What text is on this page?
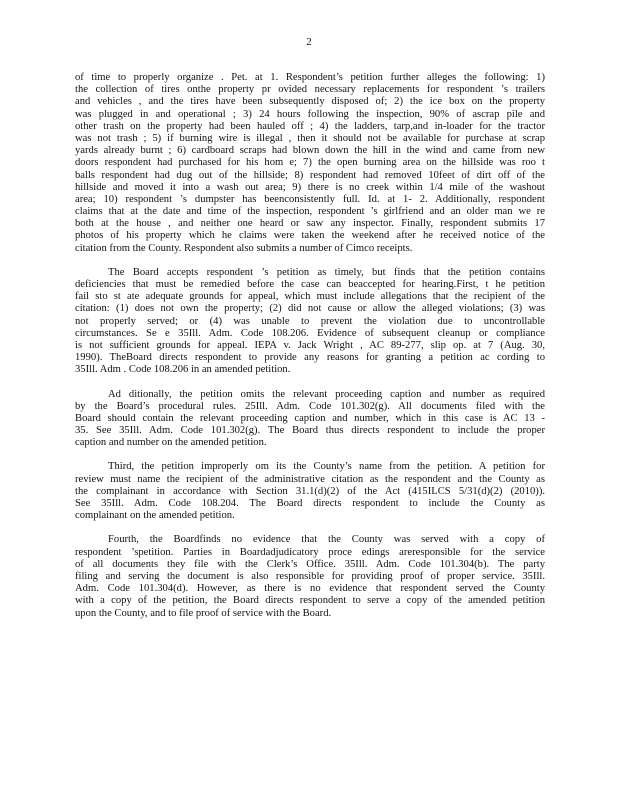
2
of time to properly organize . Pet. at 1. Respondent’s petition further alleges the following: 1)
the collection of tires onthe property pr ovided necessary replacements for respondent ’s trailers
and vehicles , and the tires have been subsequently disposed of; 2) the ice box on the property
was plugged in and operational ; 3) 24 hours following the inspection, 90% of ascrap pile and
other trash on the property had been hauled off ; 4) the ladders, tarp,and in-loader for the tractor
was not trash ; 5) if burning wire is illegal , then it should not be available for purchase at scrap
yards already burnt ; 6) cardboard scraps had blown down the hill in the wind and came from new
doors respondent had purchased for his hom e; 7) the open burning area on the hillside was roo t
balls respondent had dug out of the hillside; 8) respondent had removed 10feet of dirt off of the
hillside and moved it into a wash out area; 9) there is no creek within 1/4 mile of the washout
area; 10) respondent ’s dumpster has beenconsistently full. Id. at 1- 2. Additionally, respondent
claims that at the date and time of the inspection, respondent ’s girlfriend and an older man we re
both at the house , and neither one heard or saw any inspector. Finally, respondent submits 17
photos of his property which he claims were taken the weekend after he received notice of the
citation from the County. Respondent also submits a number of Cimco receipts.
The Board accepts respondent ’s petition as timely, but finds that the petition contains
deficiencies that must be remedied before the case can beaccepted for hearing.First, t he petition
fail sto st ate adequate grounds for appeal, which must include allegations that the recipient of the
citation: (1) does not own the property; (2) did not cause or allow the alleged violations; (3) was
not properly served; or (4) was unable to prevent the violation due to uncontrollable
circumstances. Se e 35Ill. Adm. Code 108.206. Evidence of subsequent cleanup or compliance
is not sufficient grounds for appeal. IEPA v. Jack Wright , AC 89-277, slip op. at 7 (Aug. 30,
1990). TheBoard directs respondent to provide any reasons for granting a petition ac cording to
35Ill. Adm . Code 108.206 in an amended petition.
Ad ditionally, the petition omits the relevant proceeding caption and number as required
by the Board’s procedural rules. 25Ill. Adm. Code 101.302(g). All documents filed with the
Board should contain the relevant proceeding caption and number, which in this case is AC 13 -
35. See 35Ill. Adm. Code 101.302(g). The Board thus directs respondent to include the proper
caption and number on the amended petition.
Third, the petition improperly om its the County’s name from the petition. A petition for
review must name the recipient of the administrative citation as the respondent and the County as
the complainant in accordance with Section 31.1(d)(2) of the Act (415ILCS 5/31(d)(2) (2010)).
See 35Ill. Adm. Code 108.204. The Board directs respondent to include the County as
complainant on the amended petition.
Fourth, the Boardfinds no evidence that the County was served with a copy of
respondent ’spetition. Parties in Boardadjudicatory proce edings areresponsible for the service
of all documents they file with the Clerk’s Office. 35Ill. Adm. Code 101.304(b). The party
filing and serving the document is also responsible for providing proof of proper service. 35Ill.
Adm. Code 101.304(d). However, as there is no evidence that respondent served the County
with a copy of the petition, the Board directs respondent to serve a copy of the amended petition
upon the County, and to file proof of service with the Board.
